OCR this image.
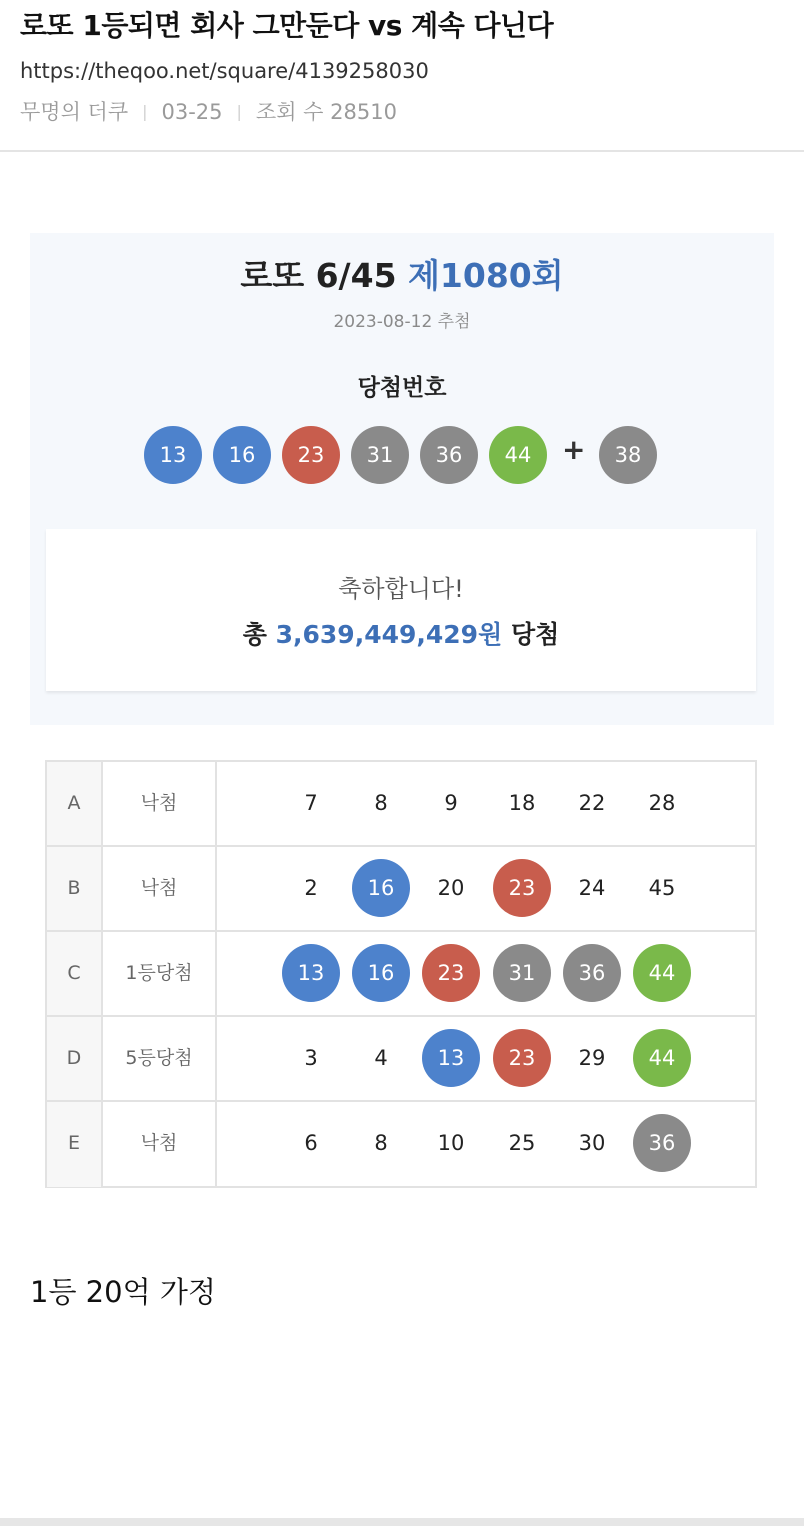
로또 1등되면 회사 그만둔다 vs 계속 다닌다
https://theqoo.net/square/4139258030
무명의 더쿠 | 03-25 | 조회 수 28510
로또 6/45 제1080회
2023-08-12 추첨
당첨번호
+
축하합니다!
총 3,639,449,429원 당첨
13	16	23	31	36	44	38
A	낙첨	7	8	9	18	22	28
B	낙첨	2	16	20	23	24	45
C	1등당첨	13	16	23	31	36	44
D	5등당첨	3	4	13	23	29	44
E	낙첨	6	8	10	25	30	36
1등 20억 가정
